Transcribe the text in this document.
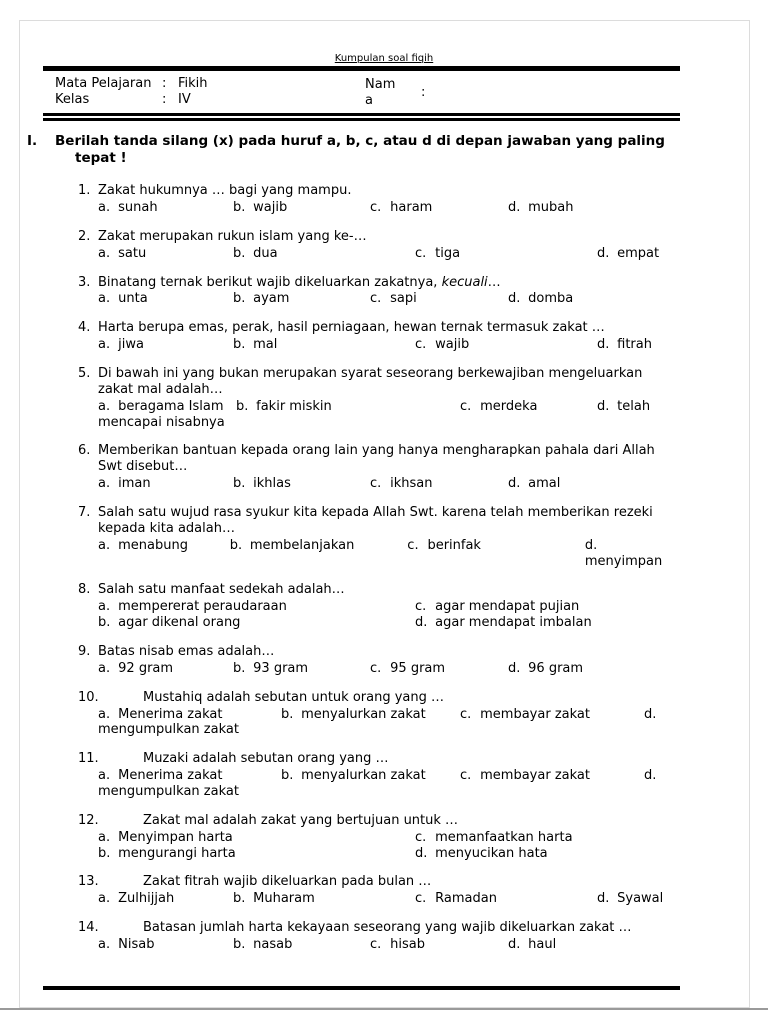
Kumpulan soal fiqih
Mata Pelajaran : Fikih
Kelas	: IV
Nama
:
I.	Berilah tanda silang (x) pada huruf a, b, c, atau d di depan jawaban yang paling tepat !
1. Zakat hukumnya … bagi yang mampu.
a. sunah	b. wajib	c. haram	d. mubah
2. Zakat merupakan rukun islam yang ke-…
a. satu	b. dua	c. tiga	d. empat
3. Binatang ternak berikut wajib dikeluarkan zakatnya, kecuali…
a. unta	b. ayam	c. sapi	d. domba
4. Harta berupa emas, perak, hasil perniagaan, hewan ternak termasuk zakat …
a. jiwa	b. mal	c. wajib	d. fitrah
5. Di bawah ini yang bukan merupakan syarat seseorang berkewajiban mengeluarkan zakat mal adalah…
a. beragama Islam b. fakir miskin	c. merdeka	d. telah mencapai nisabnya
6. Memberikan bantuan kepada orang lain yang hanya mengharapkan pahala dari Allah Swt disebut…
a. iman	b. ikhlas	c. ikhsan	d. amal
7. Salah satu wujud rasa syukur kita kepada Allah Swt. karena telah memberikan rezeki kepada kita adalah…
a. menabung	b. membelanjakan	c. berinfak	d. menyimpan
8. Salah satu manfaat sedekah adalah…
a. mempererat peraudaraan
b. agar dikenal orang
c. agar mendapat pujian
d. agar mendapat imbalan
9. Batas nisab emas adalah…
a. 92 gram	b. 93 gram	c. 95 gram	d. 96 gram
10.	Mustahiq adalah sebutan untuk orang yang …
a. Menerima zakat	b. menyalurkan zakat	c. membayar zakat	d. mengumpulkan zakat
11.	Muzaki adalah sebutan orang yang …
a. Menerima zakat	b. menyalurkan zakat	c. membayar zakat	d. mengumpulkan zakat
12.	Zakat mal adalah zakat yang bertujuan untuk …
a. Menyimpan harta
b. mengurangi harta
c. memanfaatkan harta
d. menyucikan hata
13.	Zakat fitrah wajib dikeluarkan pada bulan …
a. Zulhijjah	b. Muharam	c. Ramadan	d. Syawal
14.	Batasan jumlah harta kekayaan seseorang yang wajib dikeluarkan zakat …
a. Nisab	b. nasab	c. hisab	d. haul
